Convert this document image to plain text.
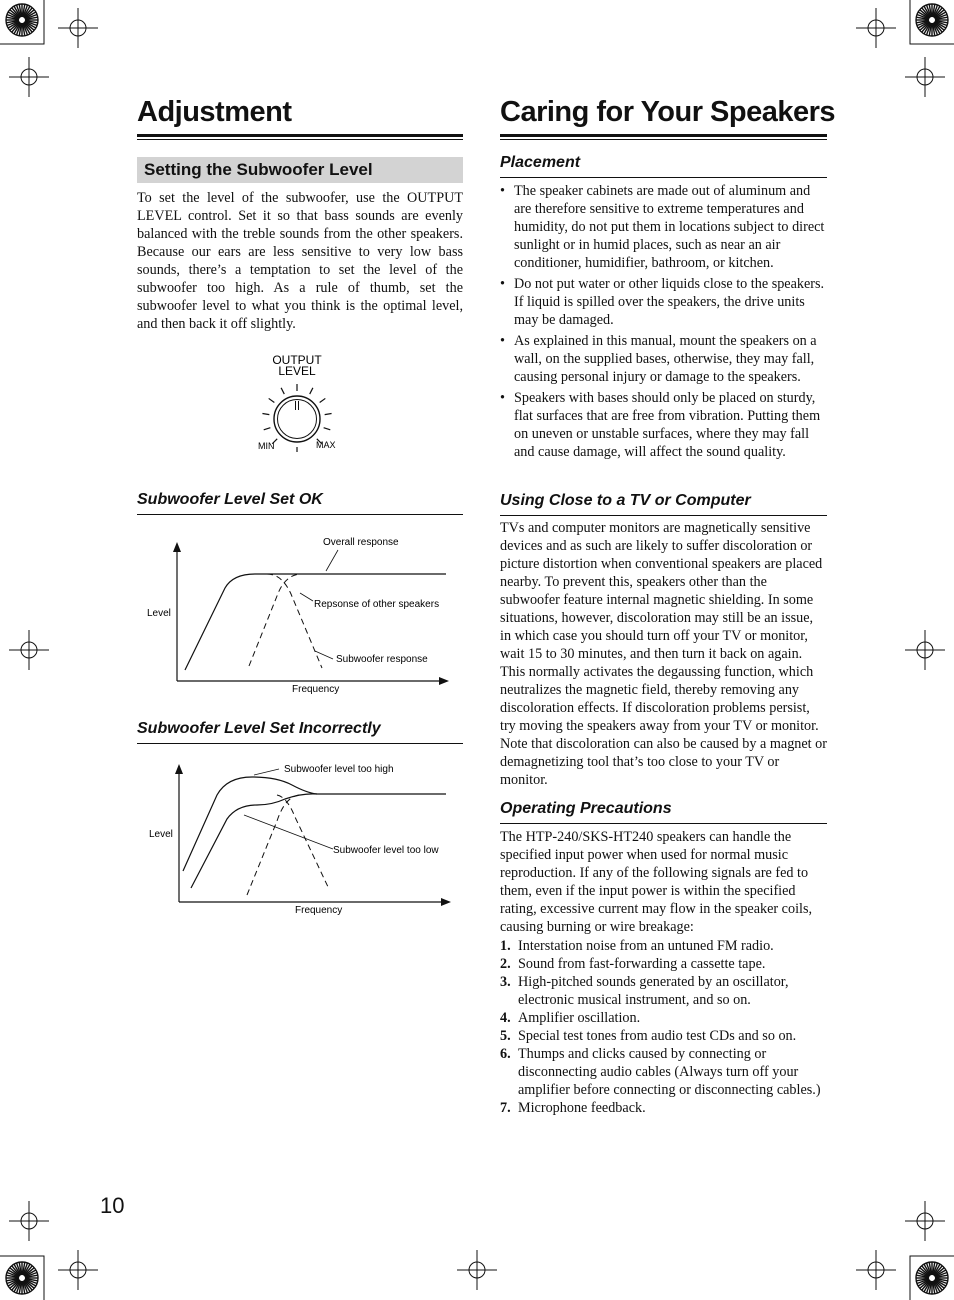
Adjustment
Setting the Subwoofer Level
To set the level of the subwoofer, use the OUTPUT LEVEL control. Set it so that bass sounds are evenly balanced with the treble sounds from the other speakers. Because our ears are less sensitive to very low bass sounds, there’s a temptation to set the level of the subwoofer too high. As a rule of thumb, set the subwoofer level to what you think is the optimal level, and then back it off slightly.
OUTPUT
LEVEL
MIN	MAX
Subwoofer Level Set OK
Level
Frequency
Overall response
Repsonse of other speakers
Subwoofer response
Subwoofer Level Set Incorrectly
Level
Frequency
Subwoofer level too high
Subwoofer level too low
10
Caring for Your Speakers
Placement
• The speaker cabinets are made out of aluminum and are therefore sensitive to extreme temperatures and humidity, do not put them in locations subject to direct sunlight or in humid places, such as near an air conditioner, humidifier, bathroom, or kitchen.
• Do not put water or other liquids close to the speakers. If liquid is spilled over the speakers, the drive units may be damaged.
• As explained in this manual, mount the speakers on a wall, on the supplied bases, otherwise, they may fall, causing personal injury or damage to the speakers.
• Speakers with bases should only be placed on sturdy, flat surfaces that are free from vibration. Putting them on uneven or unstable surfaces, where they may fall and cause damage, will affect the sound quality.
Using Close to a TV or Computer
TVs and computer monitors are magnetically sensitive devices and as such are likely to suffer discoloration or picture distortion when conventional speakers are placed nearby. To prevent this, speakers other than the subwoofer feature internal magnetic shielding. In some situations, however, discoloration may still be an issue, in which case you should turn off your TV or monitor, wait 15 to 30 minutes, and then turn it back on again. This normally activates the degaussing function, which neutralizes the magnetic field, thereby removing any discoloration effects. If discoloration problems persist, try moving the speakers away from your TV or monitor. Note that discoloration can also be caused by a magnet or demagnetizing tool that’s too close to your TV or monitor.
Operating Precautions
The HTP-240/SKS-HT240 speakers can handle the specified input power when used for normal music reproduction. If any of the following signals are fed to them, even if the input power is within the specified rating, excessive current may flow in the speaker coils, causing burning or wire breakage:
1. Interstation noise from an untuned FM radio.
2. Sound from fast-forwarding a cassette tape.
3. High-pitched sounds generated by an oscillator, electronic musical instrument, and so on.
4. Amplifier oscillation.
5. Special test tones from audio test CDs and so on.
6. Thumps and clicks caused by connecting or disconnecting audio cables (Always turn off your amplifier before connecting or disconnecting cables.)
7. Microphone feedback.
